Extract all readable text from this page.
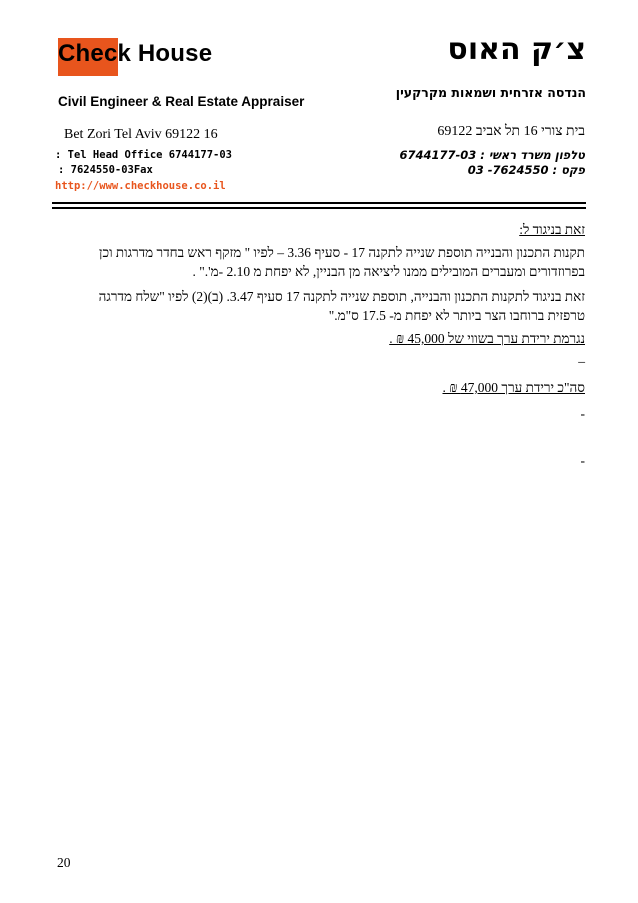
Check House
Civil Engineer & Real Estate Appraiser
Bet Zori Tel Aviv 69122 16
: Tel Head Office 6744177-03
: 7624550-03Fax
http://www.checkhouse.co.il
צ׳ק האוס
הנדסה אזרחית ושמאות מקרקעין
בית צורי 16 תל אביב 69122
טלפון משרד ראשי : 6744177-03
פקס : 7624550- 03
זאת בניגוד ל:
תקנות התכנון והבנייה תוספת שנייה לתקנה 17 - סעיף 3.36 – לפיו " מזקף ראש בחדר מדרגות וכן
בפרוזדורים ומעברים המובילים ממנו ליציאה מן הבניין, לא יפחת מ 2.10 -מ'." .
זאת בניגוד לתקנות התכנון והבנייה, תוספת שנייה לתקנה 17 סעיף 3.47. (ב)(2) לפיו "שלח מדרגה
טרפזית ברוחבו הצר ביותר לא יפחת מ- 17.5 ס"מ."
נגרמת ירידת ערך בשווי של 45,000 ₪ .
_
סה"כ ירידת ערך 47,000 ₪ .
-
-
20
